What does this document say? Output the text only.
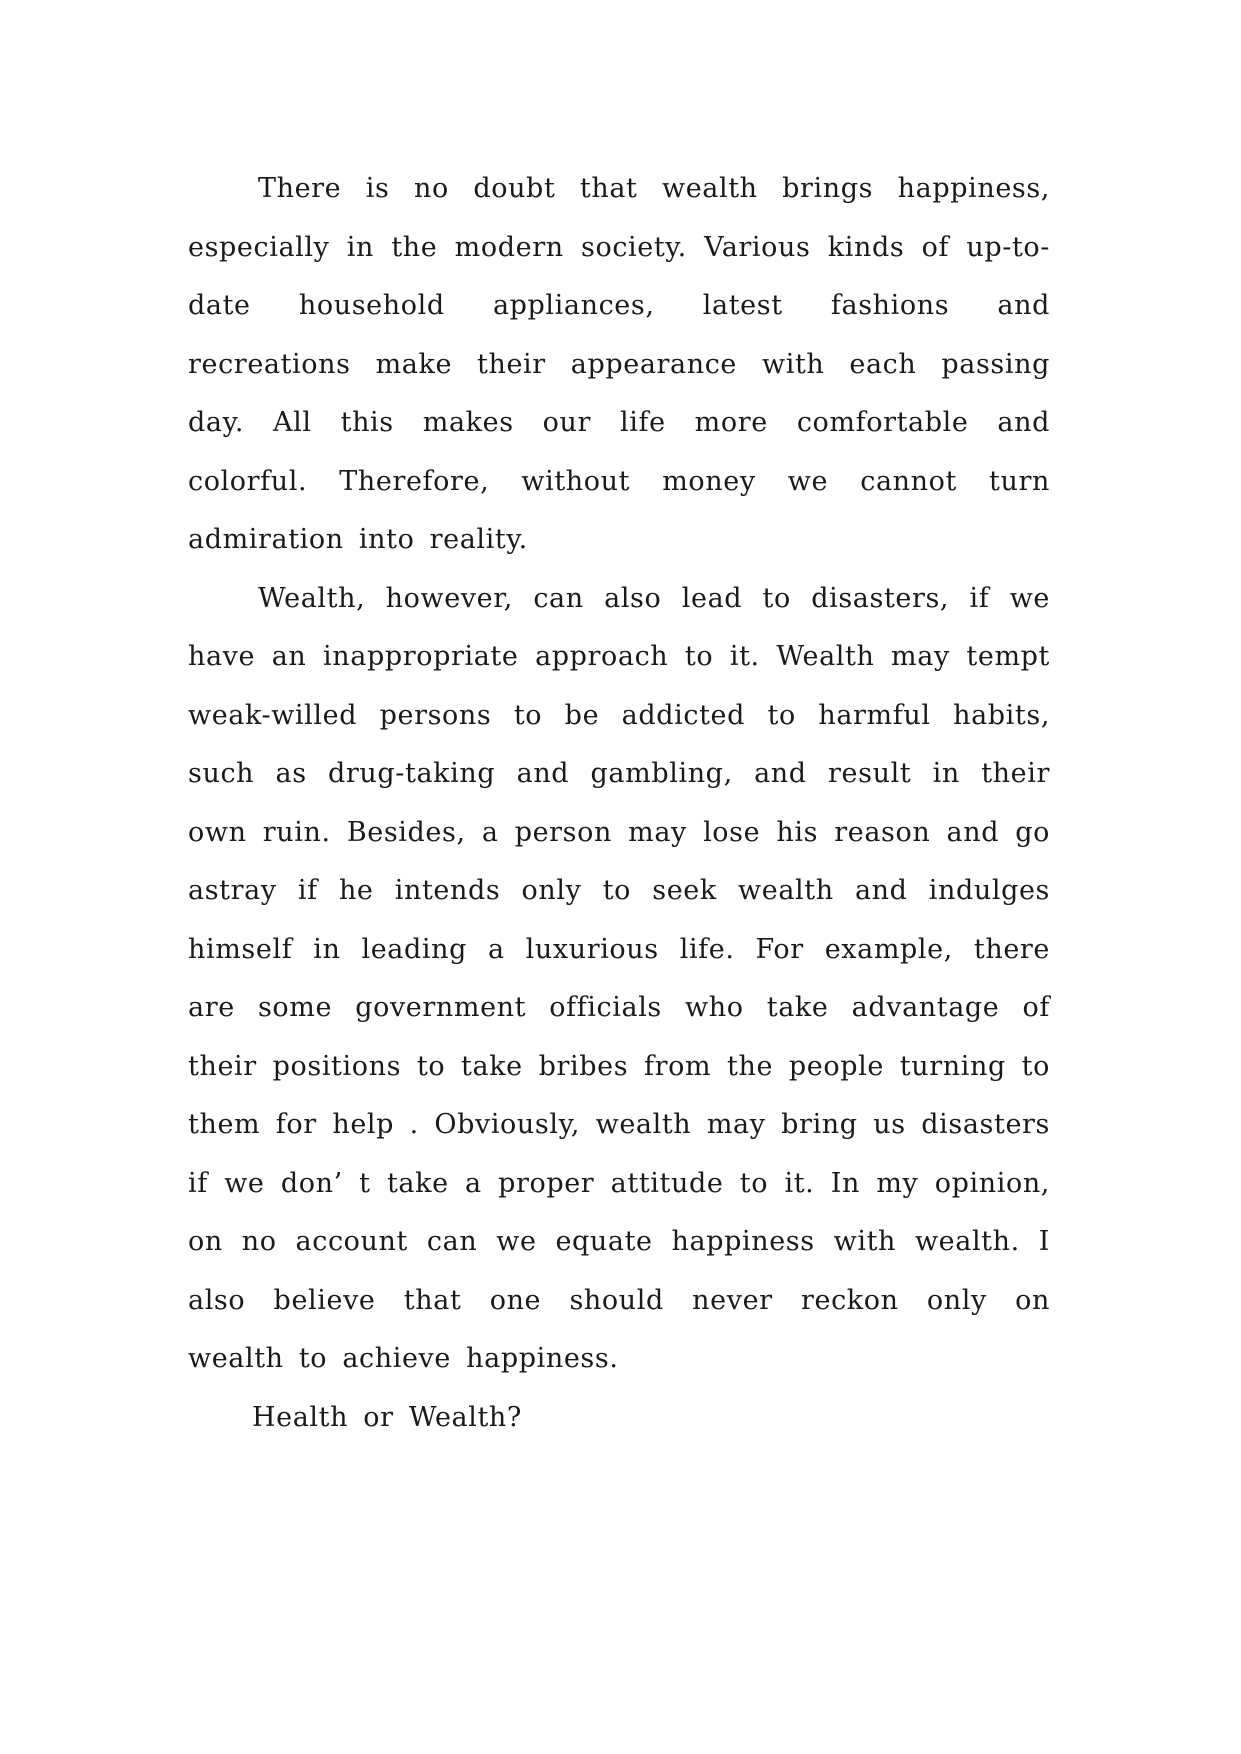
There is no doubt that wealth brings happiness, especially in the modern society. Various kinds of up-to-date household appliances, latest fashions and recreations make their appearance with each passing day. All this makes our life more comfortable and colorful. Therefore, without money we cannot turn admiration into reality.

Wealth, however, can also lead to disasters, if we have an inappropriate approach to it. Wealth may tempt weak-willed persons to be addicted to harmful habits, such as drug-taking and gambling, and result in their own ruin. Besides, a person may lose his reason and go astray if he intends only to seek wealth and indulges himself in leading a luxurious life. For example, there are some government officials who take advantage of their positions to take bribes from the people turning to them for help . Obviously, wealth may bring us disasters if we don’ t take a proper attitude to it. In my opinion, on no account can we equate happiness with wealth. I also believe that one should never reckon only on wealth to achieve happiness.

Health or Wealth?
